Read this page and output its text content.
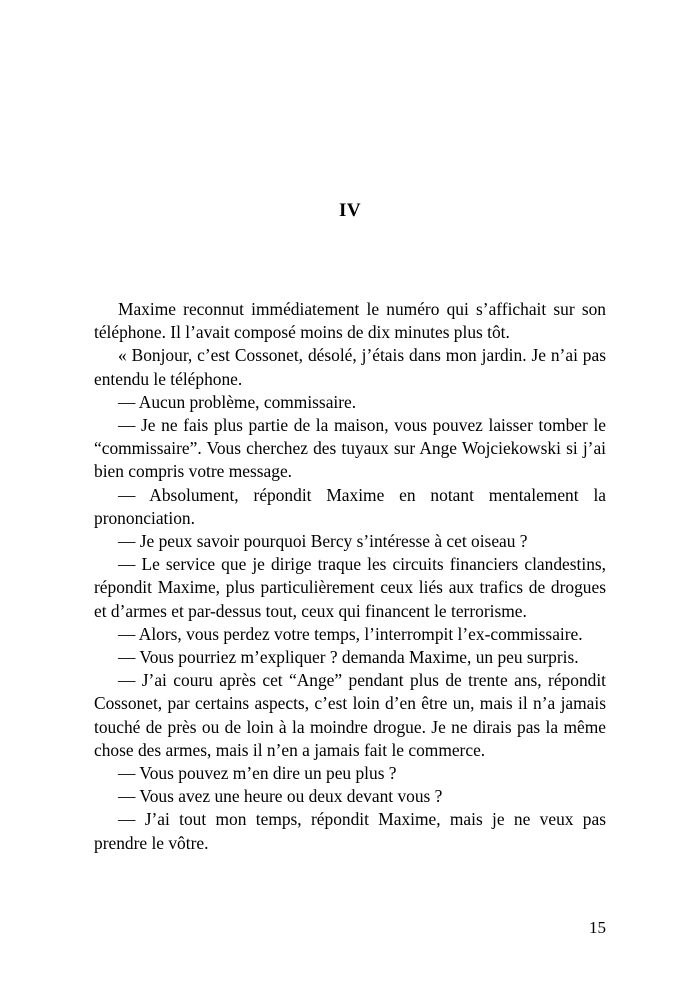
IV

Maxime reconnut immédiatement le numéro qui s’affichait sur son téléphone. Il l’avait composé moins de dix minutes plus tôt.

« Bonjour, c’est Cossonet, désolé, j’étais dans mon jardin. Je n’ai pas entendu le téléphone.

— Aucun problème, commissaire.

— Je ne fais plus partie de la maison, vous pouvez laisser tomber le “commissaire”. Vous cherchez des tuyaux sur Ange Wojciekowski si j’ai bien compris votre message.

— Absolument, répondit Maxime en notant mentalement la prononciation.

— Je peux savoir pourquoi Bercy s’intéresse à cet oiseau ?

— Le service que je dirige traque les circuits financiers clandestins, répondit Maxime, plus particulièrement ceux liés aux trafics de drogues et d’armes et par-dessus tout, ceux qui financent le terrorisme.

— Alors, vous perdez votre temps, l’interrompit l’ex-commissaire.

— Vous pourriez m’expliquer ? demanda Maxime, un peu surpris.

— J’ai couru après cet “Ange” pendant plus de trente ans, répondit Cossonet, par certains aspects, c’est loin d’en être un, mais il n’a jamais touché de près ou de loin à la moindre drogue. Je ne dirais pas la même chose des armes, mais il n’en a jamais fait le commerce.

— Vous pouvez m’en dire un peu plus ?

— Vous avez une heure ou deux devant vous ?

— J’ai tout mon temps, répondit Maxime, mais je ne veux pas prendre le vôtre.

15
